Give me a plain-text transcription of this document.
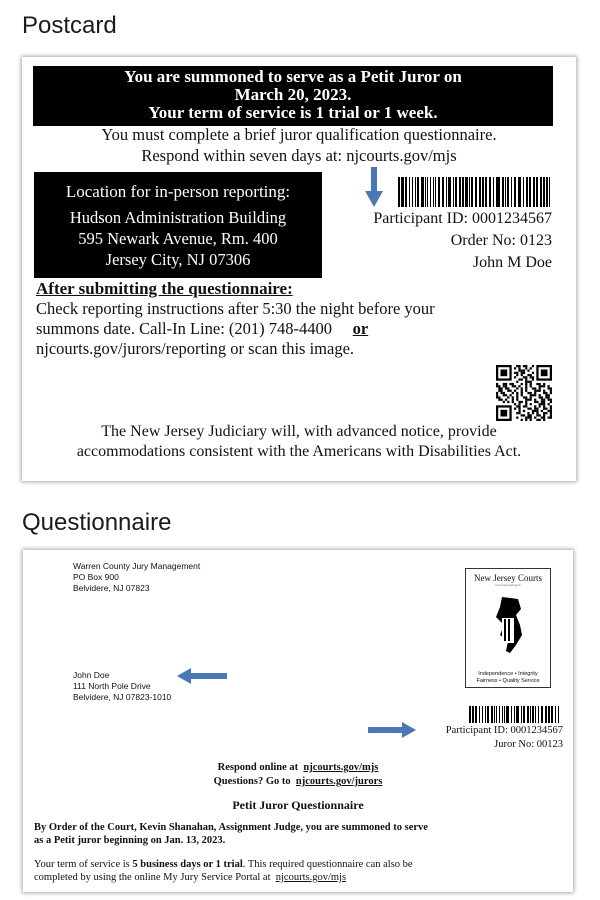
Postcard
You are summoned to serve as a Petit Juror on
March 20, 2023.
Your term of service is 1 trial or 1 week.
You must complete a brief juror qualification questionnaire.
Respond within seven days at: njcourts.gov/mjs
Location for in-person reporting:
Hudson Administration Building
595 Newark Avenue, Rm. 400
Jersey City, NJ 07306
Participant ID: 0001234567
Order No: 0123
John M Doe
After submitting the questionnaire:
Check reporting instructions after 5:30 the night before your
summons date. Call-In Line: (201) 748-4400 or
njcourts.gov/jurors/reporting or scan this image.
The New Jersey Judiciary will, with advanced notice, provide
accommodations consistent with the Americans with Disabilities Act.
Questionnaire
Warren County Jury Management
PO Box 900
Belvidere, NJ 07823
New Jersey Courts
www.njcourts.gov
Independence • Integrity
Fairness • Quality Service
John Doe
111 North Pole Drive
Belvidere, NJ 07823-1010
Participant ID: 0001234567
Juror No: 00123
Respond online at njcourts.gov/mjs
Questions? Go to njcourts.gov/jurors
Petit Juror Questionnaire
By Order of the Court, Kevin Shanahan, Assignment Judge, you are summoned to serve
as a Petit juror beginning on Jan. 13, 2023.
Your term of service is 5 business days or 1 trial. This required questionnaire can also be
completed by using the online My Jury Service Portal at njcourts.gov/mjs
